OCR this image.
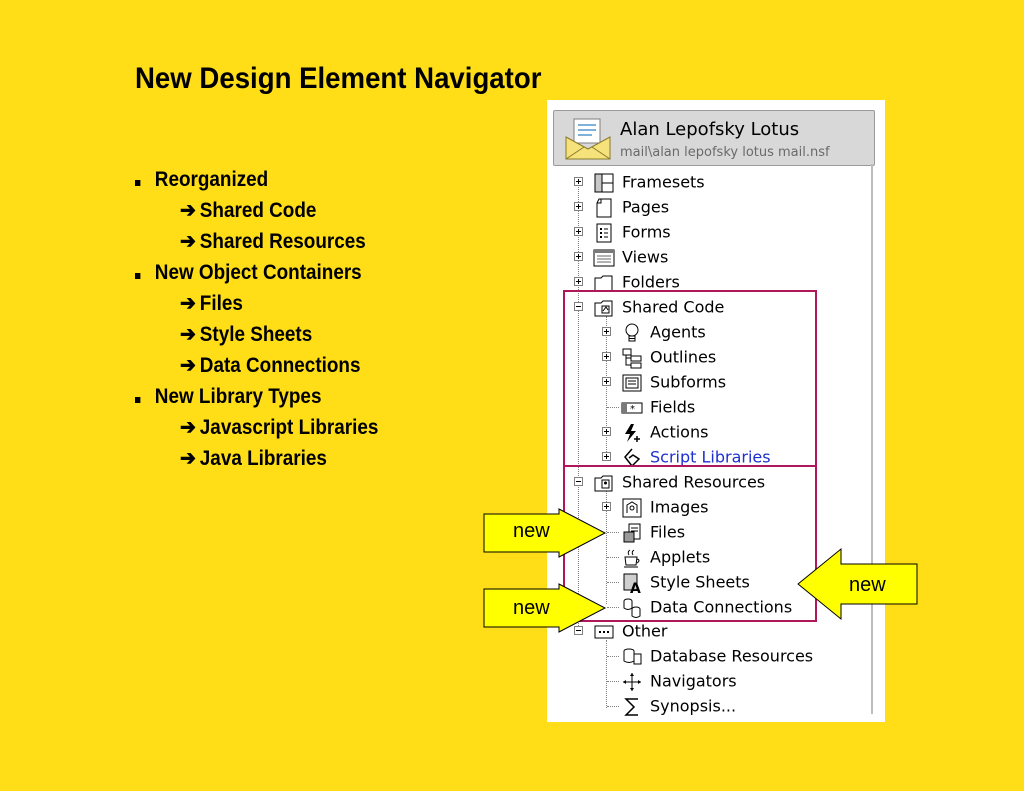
New Design Element Navigator
Reorganized
➔ Shared Code
➔ Shared Resources
New Object Containers
➔ Files
➔ Style Sheets
➔ Data Connections
New Library Types
➔ Javascript Libraries
➔ Java Libraries
Alan Lepofsky Lotus
mail\alan lepofsky lotus mail.nsf
Framesets
Pages
Forms
Views
Folders
Shared Code
Agents
Outlines
Subforms
* Fields
Actions
Script Libraries
Shared Resources
Images
Files
Applets
A Style Sheets
Data Connections
Other
Database Resources
Navigators
Synopsis...
new
new
new
